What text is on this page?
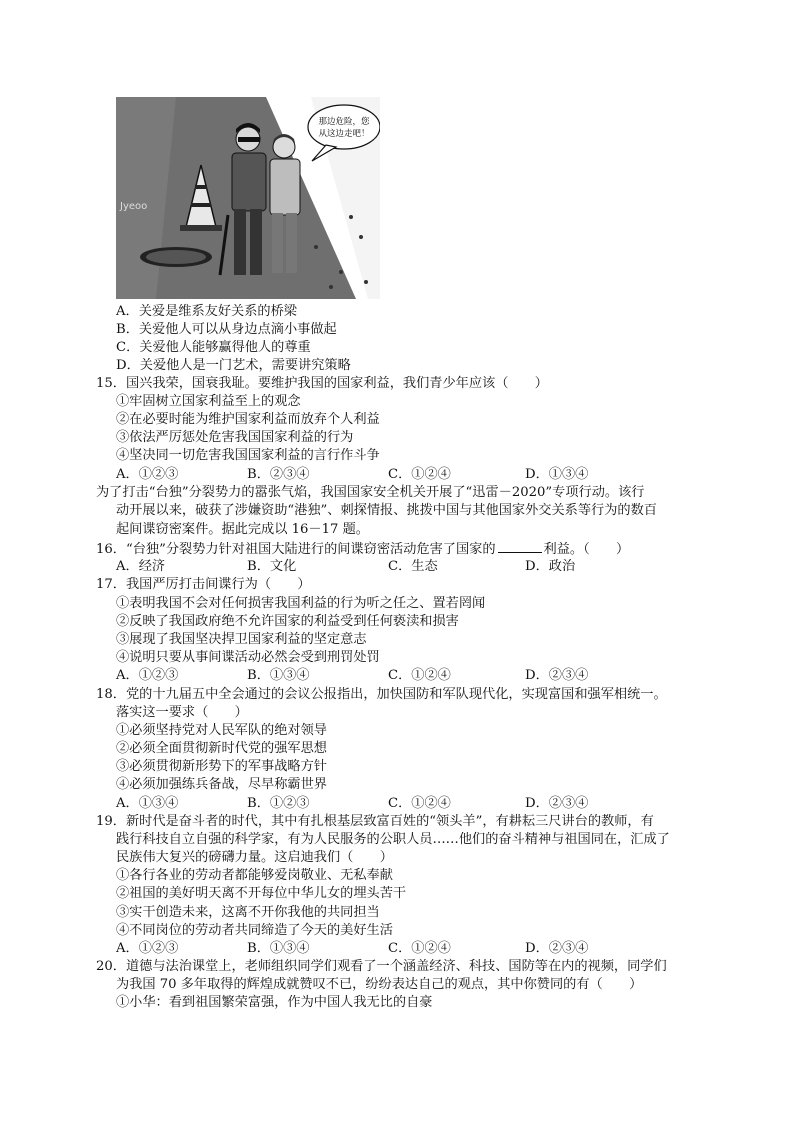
那边危险，您
从这边走吧！
Jyeoo
A．关爱是维系友好关系的桥梁
B．关爱他人可以从身边点滴小事做起
C．关爱他人能够赢得他人的尊重
D．关爱他人是一门艺术，需要讲究策略
15．国兴我荣，国衰我耻。要维护我国的国家利益，我们青少年应该（　　）
①牢固树立国家利益至上的观念
②在必要时能为维护国家利益而放弃个人利益
③依法严厉惩处危害我国国家利益的行为
④坚决同一切危害我国国家利益的言行作斗争
A．①②③	B．②③④	C．①②④	D．①③④
为了打击“台独”分裂势力的嚣张气焰，我国国家安全机关开展了“迅雷－2020”专项行动。该行
动开展以来，破获了涉嫌资助“港独”、刺探情报、挑拨中国与其他国家外交关系等行为的数百
起间谍窃密案件。据此完成以 16－17 题。
16．“台独”分裂势力针对祖国大陆进行的间谍窃密活动危害了国家的	利益。（　　）
A．经济	B．文化	C．生态	D．政治
17．我国严厉打击间谍行为（　　）
①表明我国不会对任何损害我国利益的行为听之任之、置若罔闻
②反映了我国政府绝不允许国家的利益受到任何亵渎和损害
③展现了我国坚决捍卫国家利益的坚定意志
④说明只要从事间谍活动必然会受到刑罚处罚
A．①②③	B．①③④	C．①②④	D．②③④
18．党的十九届五中全会通过的会议公报指出，加快国防和军队现代化，实现富国和强军相统一。
落实这一要求（　　）
①必须坚持党对人民军队的绝对领导
②必须全面贯彻新时代党的强军思想
③必须贯彻新形势下的军事战略方针
④必须加强练兵备战，尽早称霸世界
A．①③④	B．①②③	C．①②④	D．②③④
19．新时代是奋斗者的时代，其中有扎根基层致富百姓的“领头羊”，有耕耘三尺讲台的教师，有
践行科技自立自强的科学家，有为人民服务的公职人员……他们的奋斗精神与祖国同在，汇成了
民族伟大复兴的磅礴力量。这启迪我们（　　）
①各行各业的劳动者都能够爱岗敬业、无私奉献
②祖国的美好明天离不开每位中华儿女的埋头苦干
③实干创造未来，这离不开你我他的共同担当
④不同岗位的劳动者共同缔造了今天的美好生活
A．①②③	B．①③④	C．①②④	D．②③④
20．道德与法治课堂上，老师组织同学们观看了一个涵盖经济、科技、国防等在内的视频，同学们
为我国 70 多年取得的辉煌成就赞叹不已，纷纷表达自己的观点，其中你赞同的有（　　）
①小华：看到祖国繁荣富强，作为中国人我无比的自豪
